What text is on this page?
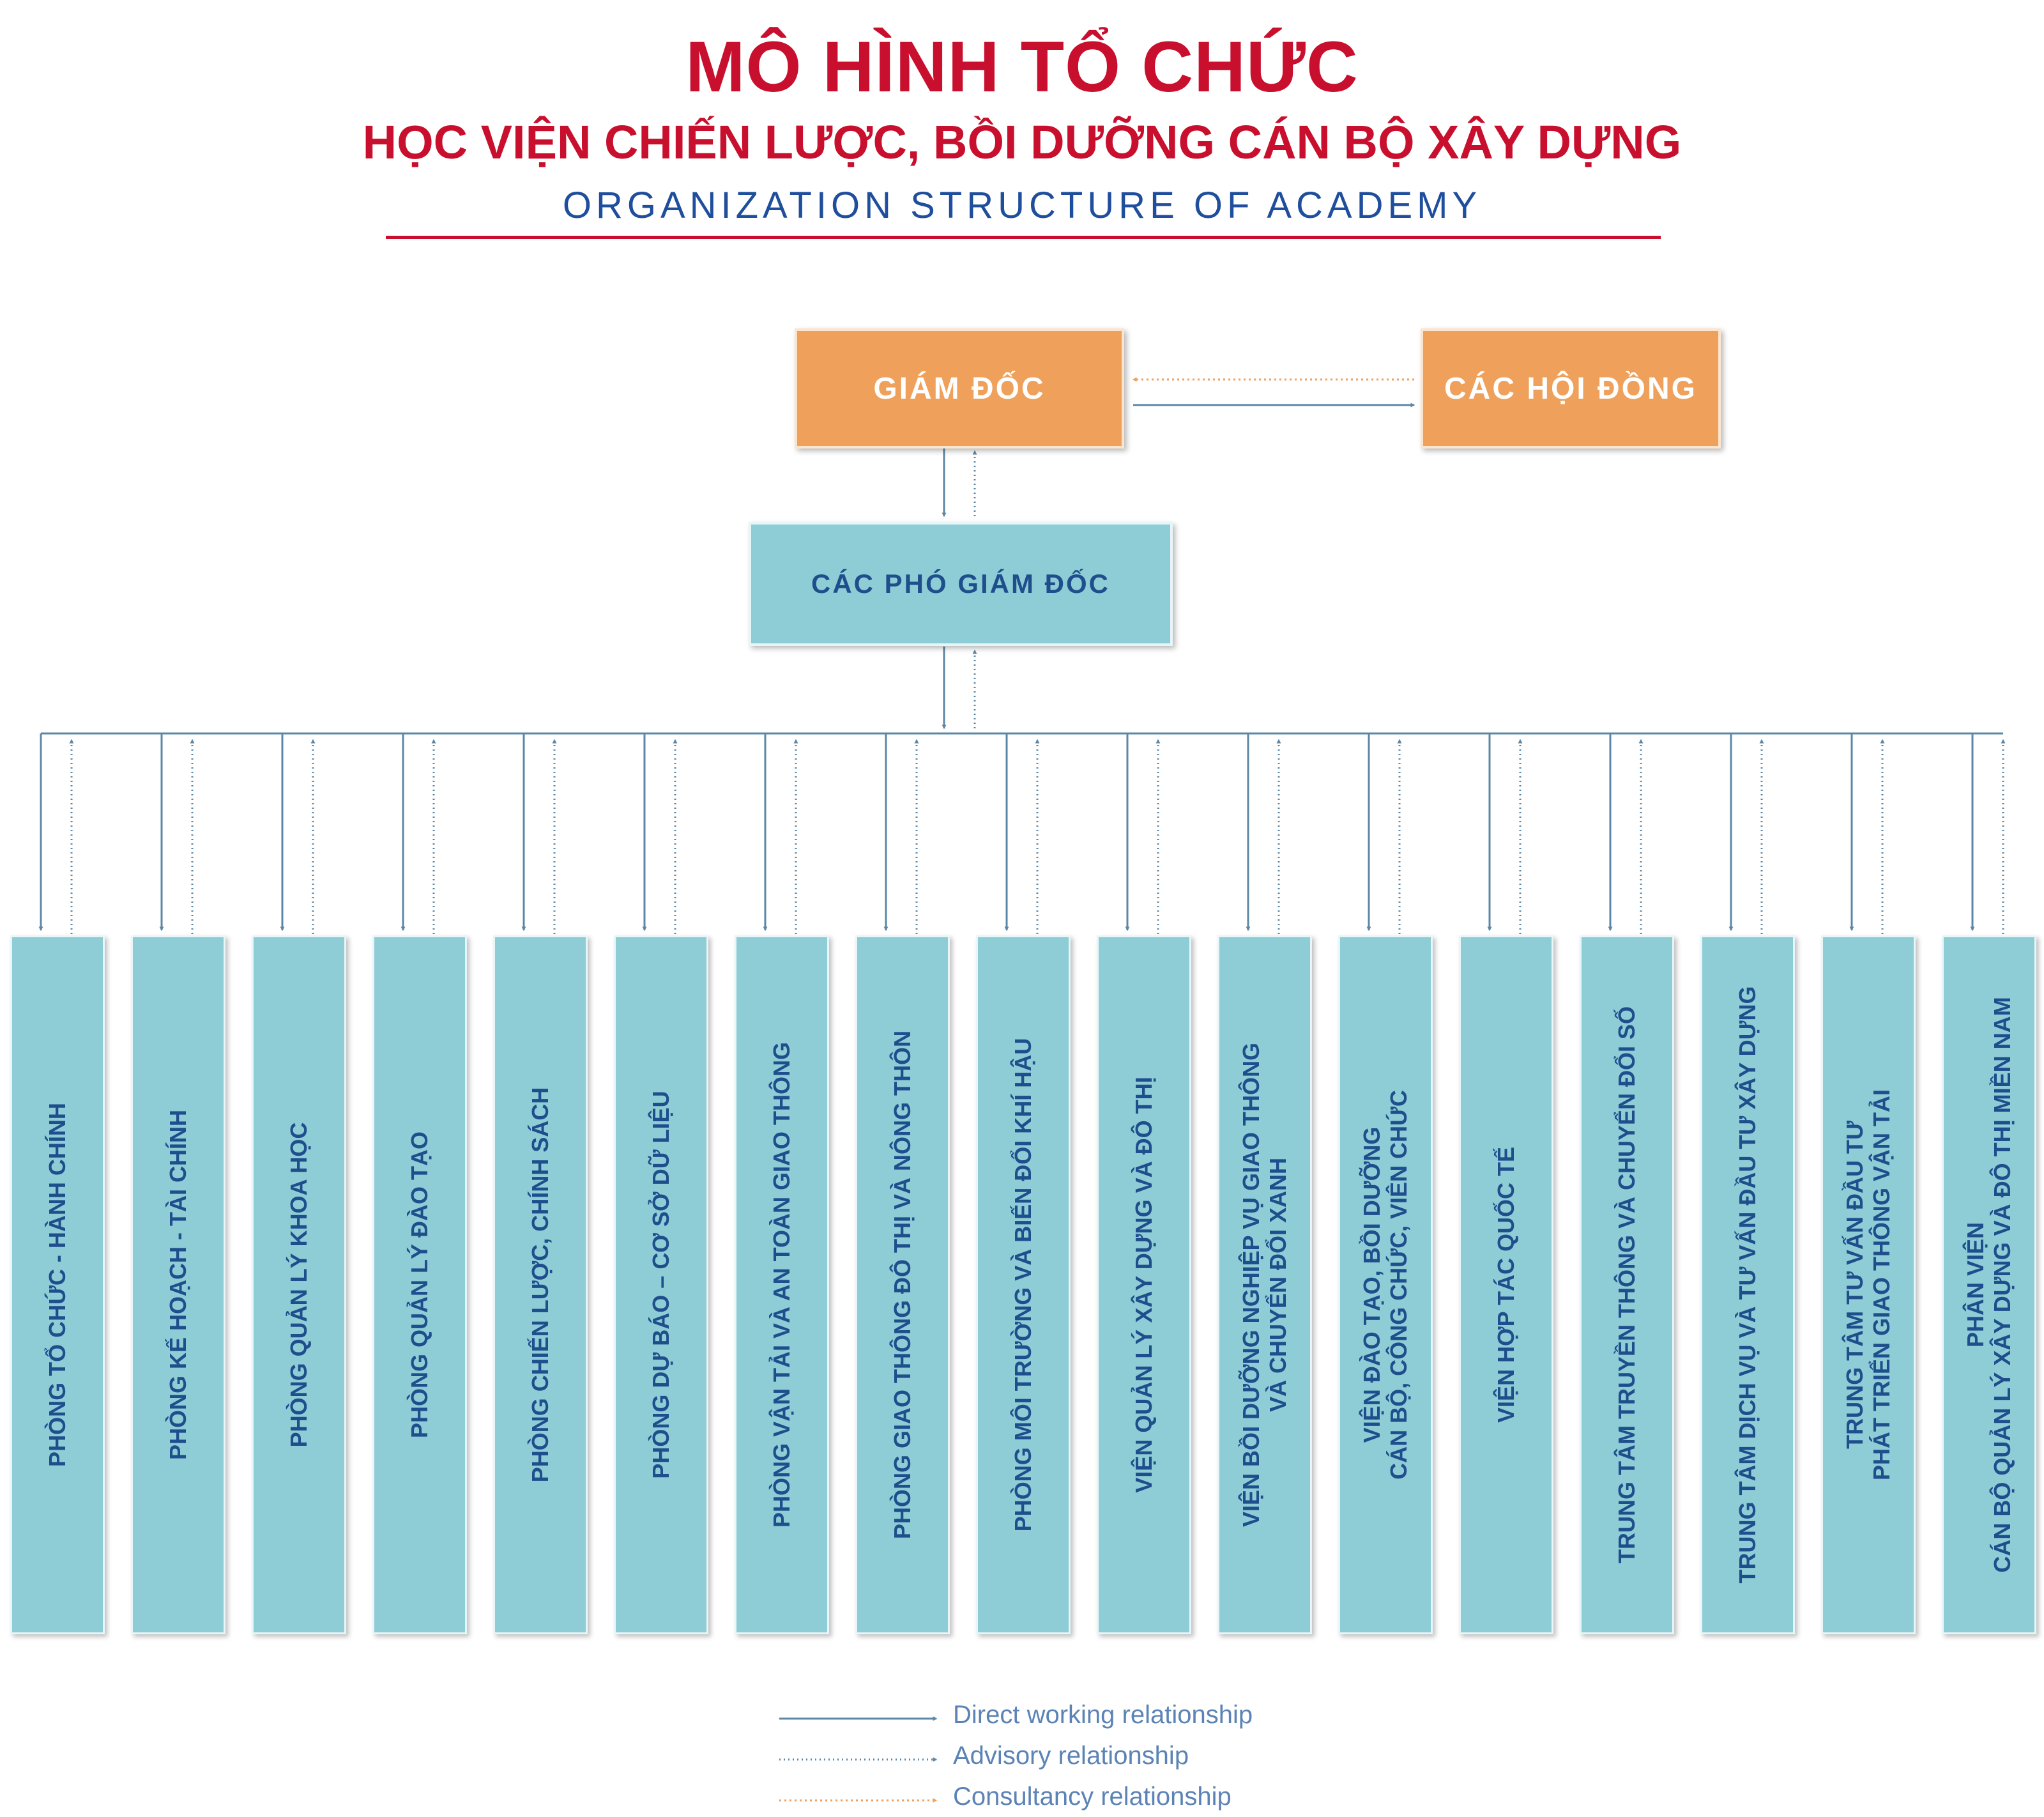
MÔ HÌNH TỔ CHỨC
HỌC VIỆN CHIẾN LƯỢC, BỒI DƯỠNG CÁN BỘ XÂY DỰNG
ORGANIZATION STRUCTURE OF ACADEMY
GIÁM ĐỐC	CÁC HỘI ĐỒNG
CÁC PHÓ GIÁM ĐỐC
PHÒNG TỔ CHỨC - HÀNH CHÍNH	PHÒNG KẾ HOẠCH - TÀI CHÍNH	PHÒNG QUẢN LÝ KHOA HỌC	PHÒNG QUẢN LÝ ĐÀO TẠO	PHÒNG CHIẾN LƯỢC, CHÍNH SÁCH	PHÒNG DỰ BÁO – CƠ SỞ DỮ LIỆU	PHÒNG VẬN TẢI VÀ AN TOÀN GIAO THÔNG	PHÒNG GIAO THÔNG ĐÔ THỊ VÀ NÔNG THÔN	PHÒNG MÔI TRƯỜNG VÀ BIẾN ĐỔI KHÍ HẬU	VIỆN QUẢN LÝ XÂY DỰNG VÀ ĐÔ THỊ	VIỆN BỒI DƯỠNG NGHIỆP VỤ GIAO THÔNG VÀ CHUYỂN ĐỔI XANH	VIỆN ĐÀO TẠO, BỒI DƯỠNG CÁN BỘ, CÔNG CHỨC, VIÊN CHỨC	VIỆN HỢP TÁC QUỐC TẾ	TRUNG TÂM TRUYỀN THÔNG VÀ CHUYỂN ĐỔI SỐ	TRUNG TÂM DỊCH VỤ VÀ TƯ VẤN ĐẦU TƯ XÂY DỰNG	TRUNG TÂM TƯ VẤN ĐẦU TƯ PHÁT TRIỂN GIAO THÔNG VẬN TẢI	PHÂN VIỆN CÁN BỘ QUẢN LÝ XÂY DỰNG VÀ ĐÔ THỊ MIỀN NAM
Direct working relationship
Advisory relationship
Consultancy relationship
